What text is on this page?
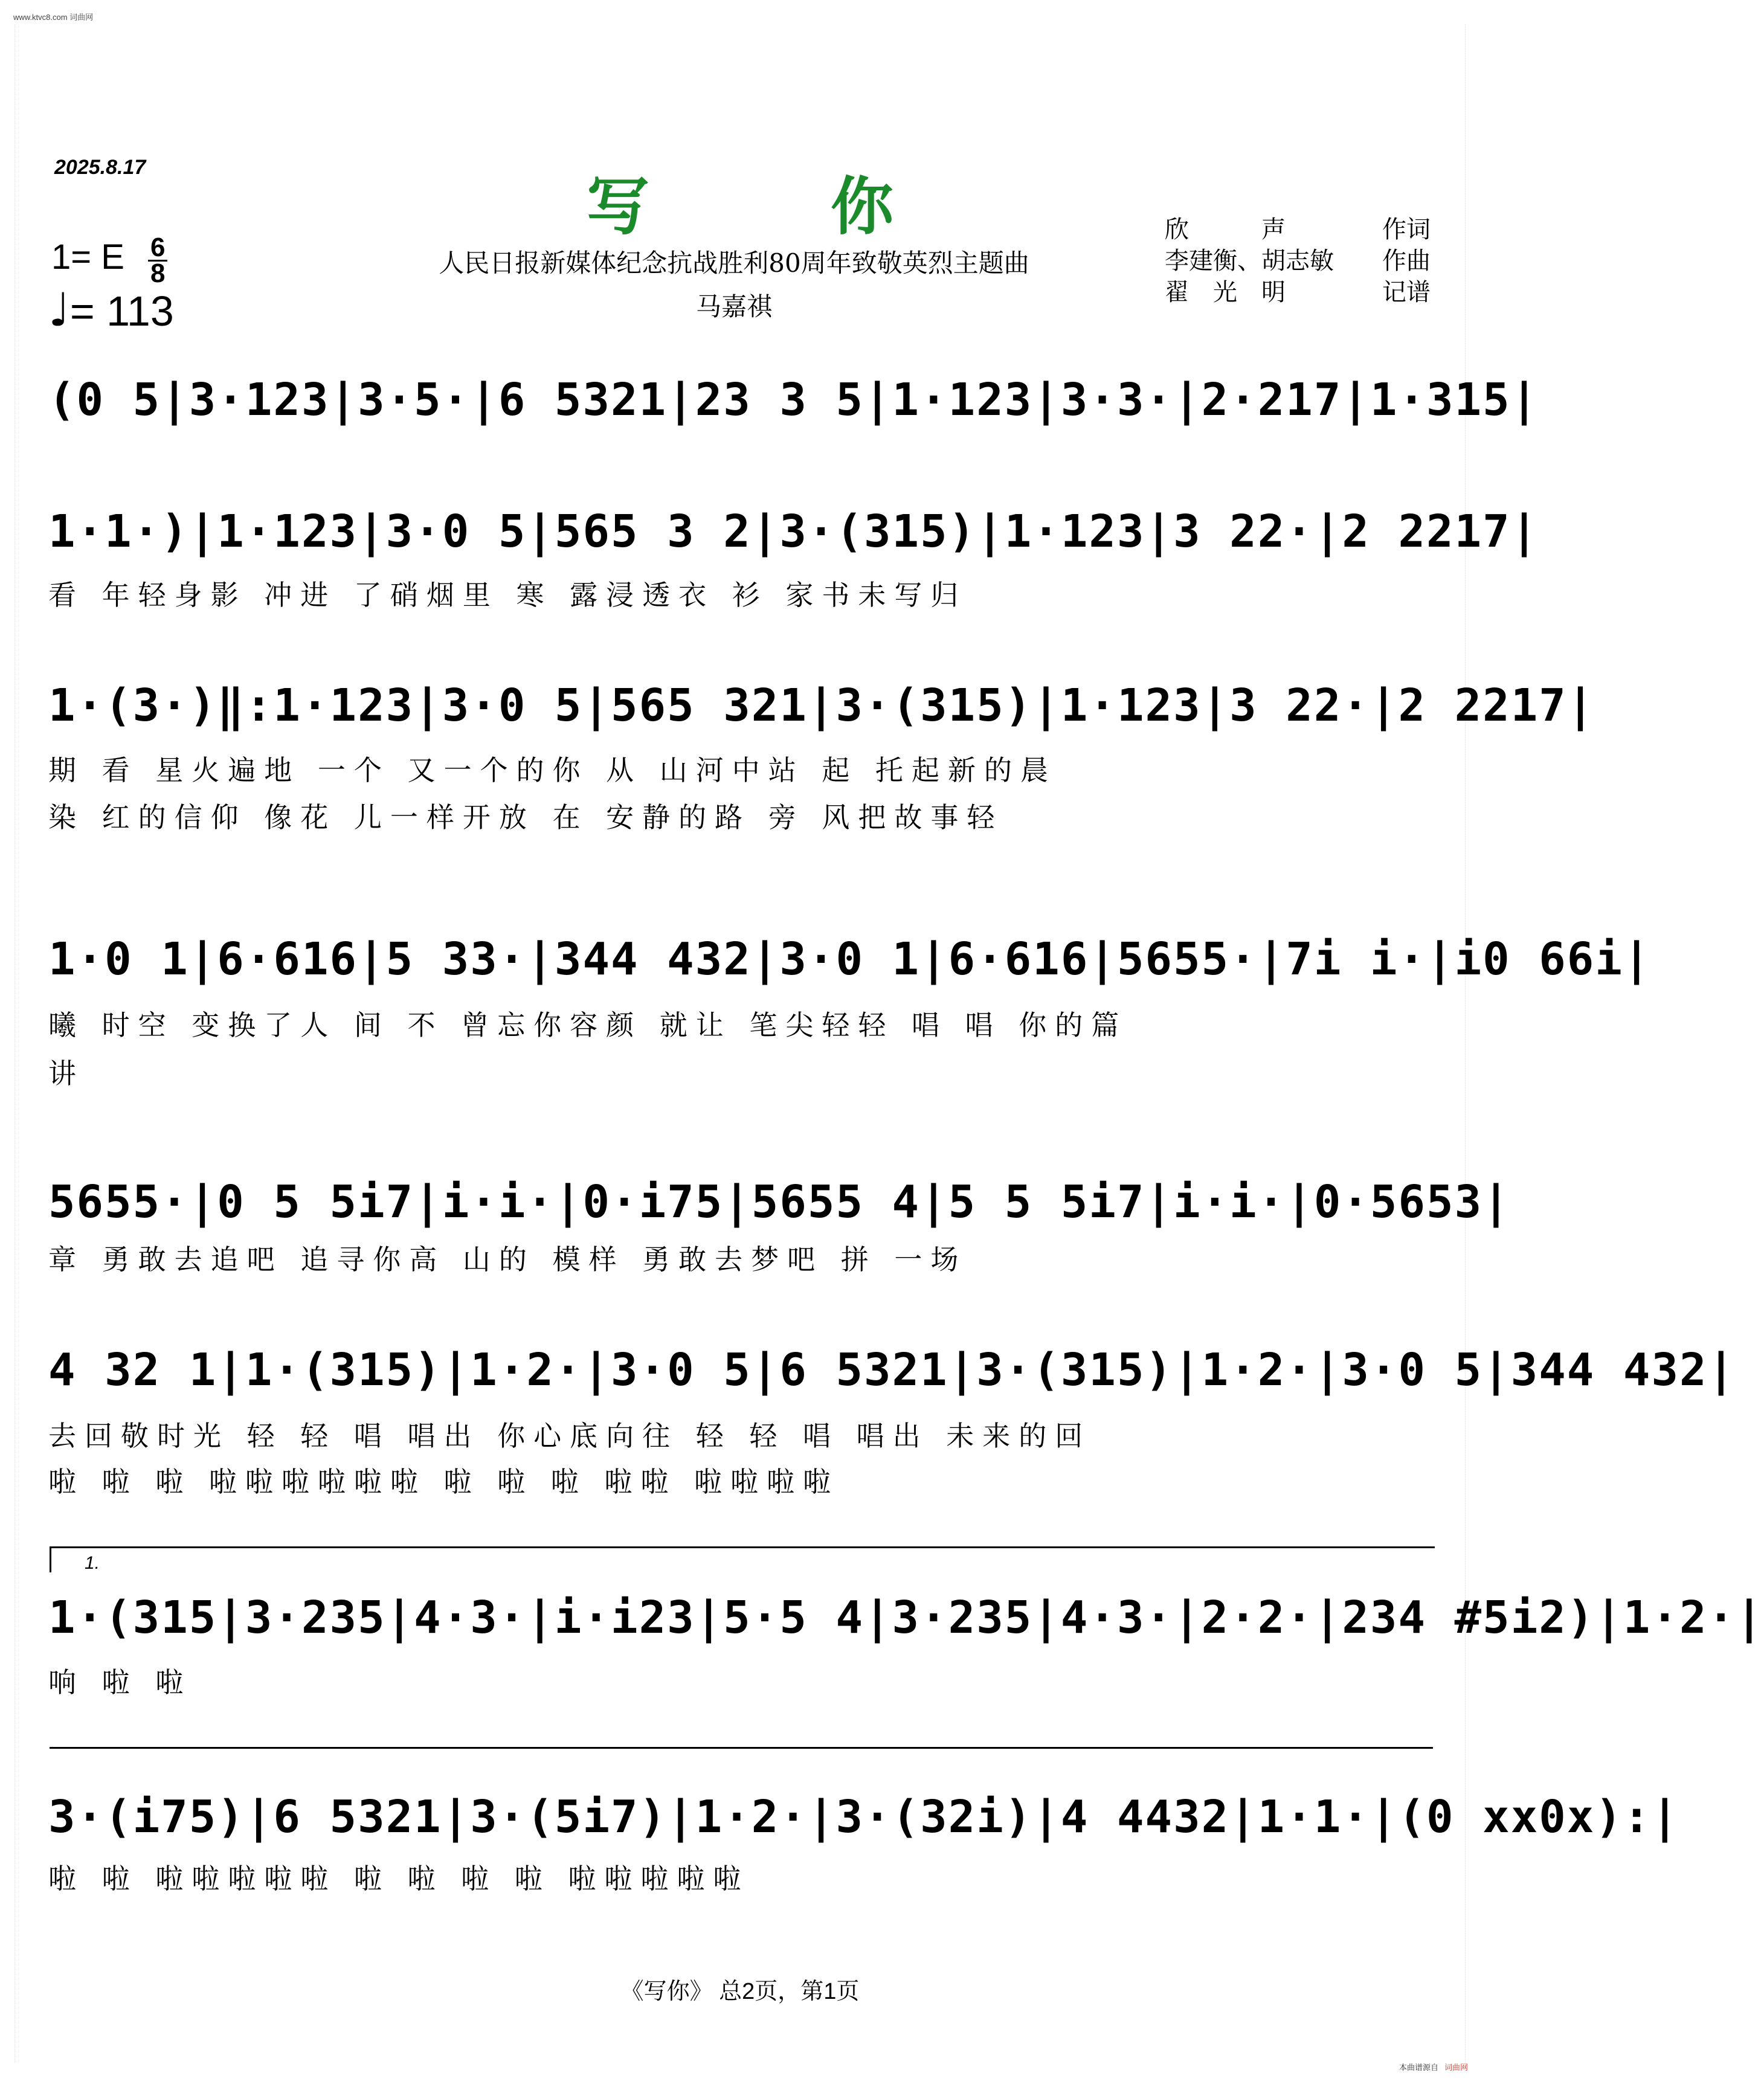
www.ktvc8.com 词曲网
2025.8.17
写你
人民日报新媒体纪念抗战胜利80周年致敬英烈主题曲
马嘉祺
1= E $\frac{6}{8}$
♩= 113
欣　　　声	作词
李建衡、胡志敏 作曲
翟　光　明	记谱
(0 5|3·123|3·5·|6 5321|23 3 5|1·123|3·3·|2·217|1·315|
1·1·)|1·123|3·0 5|565 3 2|3·(315)|1·123|3 22·|2 2217|
看 年轻身影 冲进 了硝烟里 寒 露浸透衣 衫 家书未写归
1·(3·)‖:1·123|3·0 5|565 321|3·(315)|1·123|3 22·|2 2217|
期 看 星火遍地 一个 又一个的你 从 山河中站 起 托起新的晨
染 红的信仰 像花 儿一样开放 在 安静的路 旁 风把故事轻
1·0 1|6·616|5 33·|344 432|3·0 1|6·616|5655·|7i i·|i0 66i|
曦 时空 变换了人 间 不 曾忘你容颜 就让 笔尖轻轻 唱 唱 你的篇
讲
5655·|0 5 5i7|i·i·|0·i75|5655 4|5 5 5i7|i·i·|0·5653|
章 勇敢去追吧 追寻你高 山的 模样 勇敢去梦吧 拼 一场
4 32 1|1·(315)|1·2·|3·0 5|6 5321|3·(315)|1·2·|3·0 5|344 432|
去回敬时光 轻 轻 唱 唱出 你心底向往 轻 轻 唱 唱出 未来的回
啦 啦 啦 啦啦啦啦啦啦 啦 啦 啦 啦啦 啦啦啦啦
1.
1·(315|3·235|4·3·|i·i23|5·5 4|3·235|4·3·|2·2·|234 #5i2)|1·2·|
响 啦 啦
3·(i75)|6 5321|3·(5i7)|1·2·|3·(32i)|4 4432|1·1·|(0 xx0x):|
啦 啦 啦啦啦啦啦 啦 啦 啦 啦 啦啦啦啦啦
《写你》 总2页，第1页
本曲谱源自 词曲网
